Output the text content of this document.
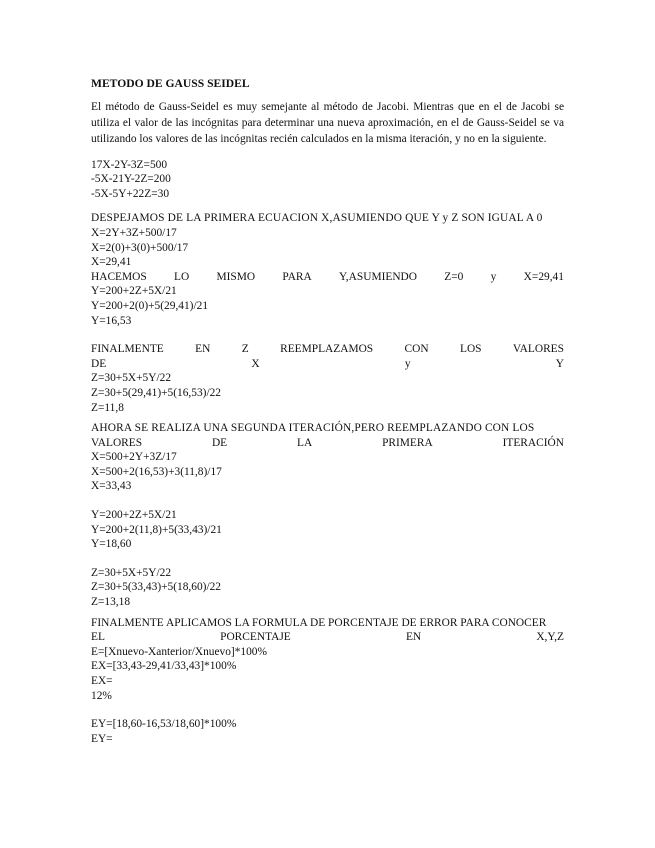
METODO DE GAUSS SEIDEL

El método de Gauss-Seidel es muy semejante al método de Jacobi. Mientras que en el de Jacobi se utiliza el valor de las incógnitas para determinar una nueva aproximación, en el de Gauss-Seidel se va utilizando los valores de las incógnitas recién calculados en la misma iteración, y no en la siguiente.

17X-2Y-3Z=500
-5X-21Y-2Z=200
-5X-5Y+22Z=30
DESPEJAMOS DE LA PRIMERA ECUACION X,ASUMIENDO QUE Y y Z SON IGUAL A 0
X=2Y+3Z+500/17
X=2(0)+3(0)+500/17
X=29,41
HACEMOS LO MISMO PARA Y,ASUMIENDO Z=0 y X=29,41
Y=200+2Z+5X/21
Y=200+2(0)+5(29,41)/21
Y=16,53
FINALMENTE	EN	Z	REEMPLAZAMOS	CON	LOS	VALORES
DE	X	y	Y
Z=30+5X+5Y/22
Z=30+5(29,41)+5(16,53)/22
Z=11,8
AHORA SE REALIZA UNA SEGUNDA ITERACIÓN,PERO REEMPLAZANDO CON LOS
VALORES	DE	LA	PRIMERA	ITERACIÓN
X=500+2Y+3Z/17
X=500+2(16,53)+3(11,8)/17
X=33,43
Y=200+2Z+5X/21
Y=200+2(11,8)+5(33,43)/21
Y=18,60
Z=30+5X+5Y/22
Z=30+5(33,43)+5(18,60)/22
Z=13,18
FINALMENTE APLICAMOS LA FORMULA DE PORCENTAJE DE ERROR PARA CONOCER
EL	PORCENTAJE	EN	X,Y,Z
E=[Xnuevo-Xanterior/Xnuevo]*100%
EX=[33,43-29,41/33,43]*100%
EX=
12%
EY=[18,60-16,53/18,60]*100%
EY=
